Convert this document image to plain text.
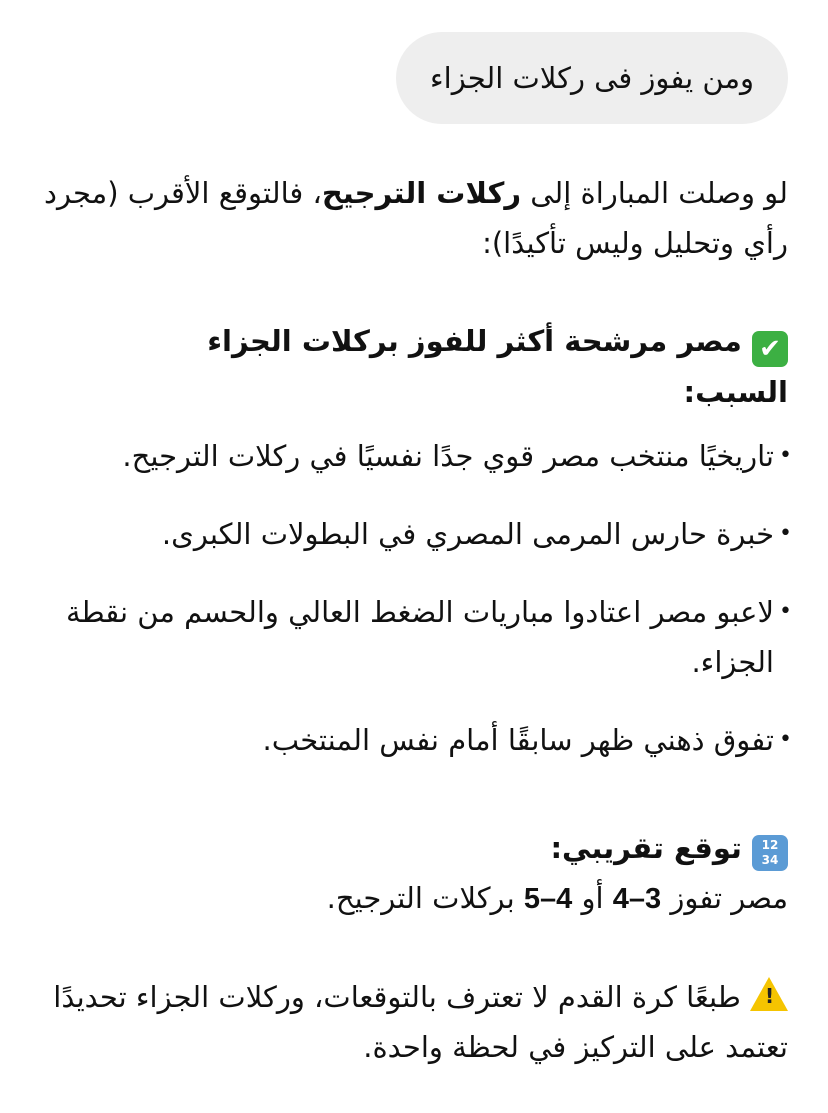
ومن يفوز فى ركلات الجزاء

لو وصلت المباراة إلى ركلات الترجيح، فالتوقع الأقرب (مجرد رأي وتحليل وليس تأكيدًا):

✔ مصر مرشحة أكثر للفوز بركلات الجزاء

السبب:

• تاريخيًا منتخب مصر قوي جدًا نفسيًا في ركلات الترجيح.
• خبرة حارس المرمى المصري في البطولات الكبرى.
• لاعبو مصر اعتادوا مباريات الضغط العالي والحسم من نقطة الجزاء.
• تفوق ذهني ظهر سابقًا أمام نفس المنتخب.

12
34 توقع تقريبي:

مصر تفوز 4–3 أو 5–4 بركلات الترجيح.

!
طبعًا كرة القدم لا تعترف بالتوقعات، وركلات الجزاء تحديدًا تعتمد على التركيز في لحظة واحدة.
